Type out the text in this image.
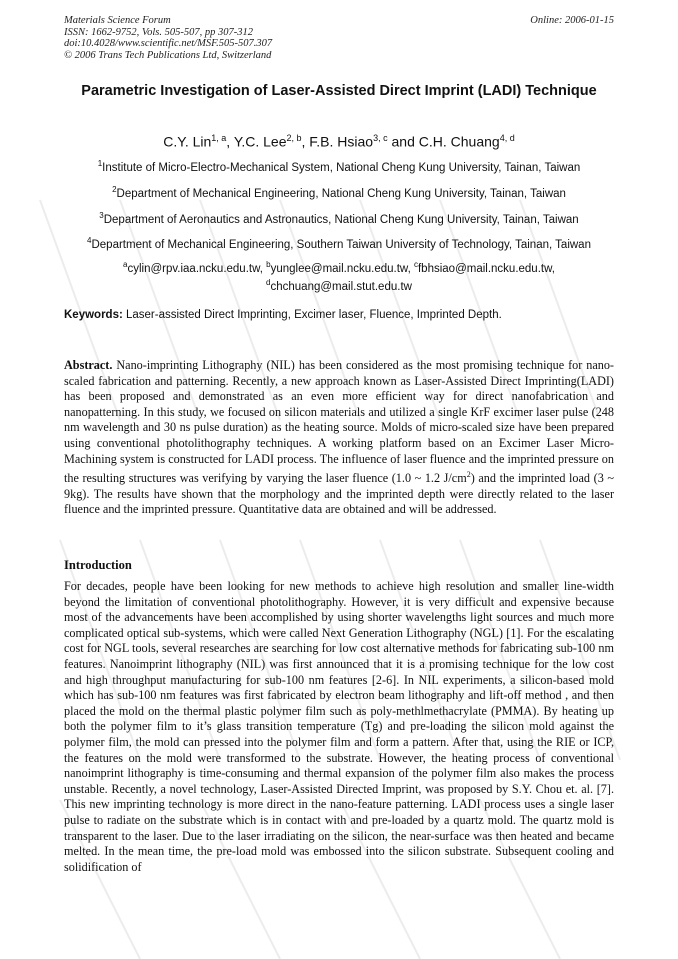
Materials Science Forum
ISSN: 1662-9752, Vols. 505-507, pp 307-312
doi:10.4028/www.scientific.net/MSF.505-507.307
© 2006 Trans Tech Publications Ltd, Switzerland
Online: 2006-01-15
Parametric Investigation of Laser-Assisted Direct Imprint (LADI) Technique
C.Y. Lin$^{1, a}$, Y.C. Lee$^{2, b}$, F.B. Hsiao$^{3, c}$ and C.H. Chuang$^{4, d}$

$^1$Institute of Micro-Electro-Mechanical System, National Cheng Kung University, Tainan, Taiwan

$^2$Department of Mechanical Engineering, National Cheng Kung University, Tainan, Taiwan

$^3$Department of Aeronautics and Astronautics, National Cheng Kung University, Tainan, Taiwan

$^4$Department of Mechanical Engineering, Southern Taiwan University of Technology, Tainan, Taiwan

$^a$cylin@rpv.iaa.ncku.edu.tw, $^b$yunglee@mail.ncku.edu.tw, $^c$fbhsiao@mail.ncku.edu.tw,
$^d$chchuang@mail.stut.edu.tw
Keywords: Laser-assisted Direct Imprinting, Excimer laser, Fluence, Imprinted Depth.
Abstract. Nano-imprinting Lithography (NIL) has been considered as the most promising technique for nano-scaled fabrication and patterning. Recently, a new approach known as Laser-Assisted Direct Imprinting(LADI) has been proposed and demonstrated as an even more efficient way for direct nanofabrication and nanopatterning. In this study, we focused on silicon materials and utilized a single KrF excimer laser pulse (248 nm wavelength and 30 ns pulse duration) as the heating source. Molds of micro-scaled size have been prepared using conventional photolithography techniques. A working platform based on an Excimer Laser Micro-Machining system is constructed for LADI process. The influence of laser fluence and the imprinted pressure on the resulting structures was verifying by varying the laser fluence (1.0 ~ 1.2 $J/cm^2$) and the imprinted load (3 ~ 9kg). The results have shown that the morphology and the imprinted depth were directly related to the laser fluence and the imprinted pressure. Quantitative data are obtained and will be addressed.
Introduction
For decades, people have been looking for new methods to achieve high resolution and smaller line-width beyond the limitation of conventional photolithography. However, it is very difficult and expensive because most of the advancements have been accomplished by using shorter wavelengths light sources and much more complicated optical sub-systems, which were called Next Generation Lithography (NGL) [1]. For the escalating cost for NGL tools, several researches are searching for low cost alternative methods for fabricating sub-100 nm features. Nanoimprint lithography (NIL) was first announced that it is a promising technique for the low cost and high throughput manufacturing for sub-100 nm features [2-6]. In NIL experiments, a silicon-based mold which has sub-100 nm features was first fabricated by electron beam lithography and lift-off method , and then placed the mold on the thermal plastic polymer film such as poly-methlmethacrylate (PMMA). By heating up both the polymer film to it’s glass transition temperature (Tg) and pre-loading the silicon mold against the polymer film, the mold can pressed into the polymer film and form a pattern. After that, using the RIE or ICP, the features on the mold were transformed to the substrate. However, the heating process of conventional nanoimprint lithography is time-consuming and thermal expansion of the polymer film also makes the process unstable. Recently, a novel technology, Laser-Assisted Directed Imprint, was proposed by S.Y. Chou et. al. [7]. This new imprinting technology is more direct in the nano-feature patterning. LADI process uses a single laser pulse to radiate on the substrate which is in contact with and pre-loaded by a quartz mold. The quartz mold is transparent to the laser. Due to the laser irradiating on the silicon, the near-surface was then heated and became melted. In the mean time, the pre-load mold was embossed into the silicon substrate. Subsequent cooling and solidification of
